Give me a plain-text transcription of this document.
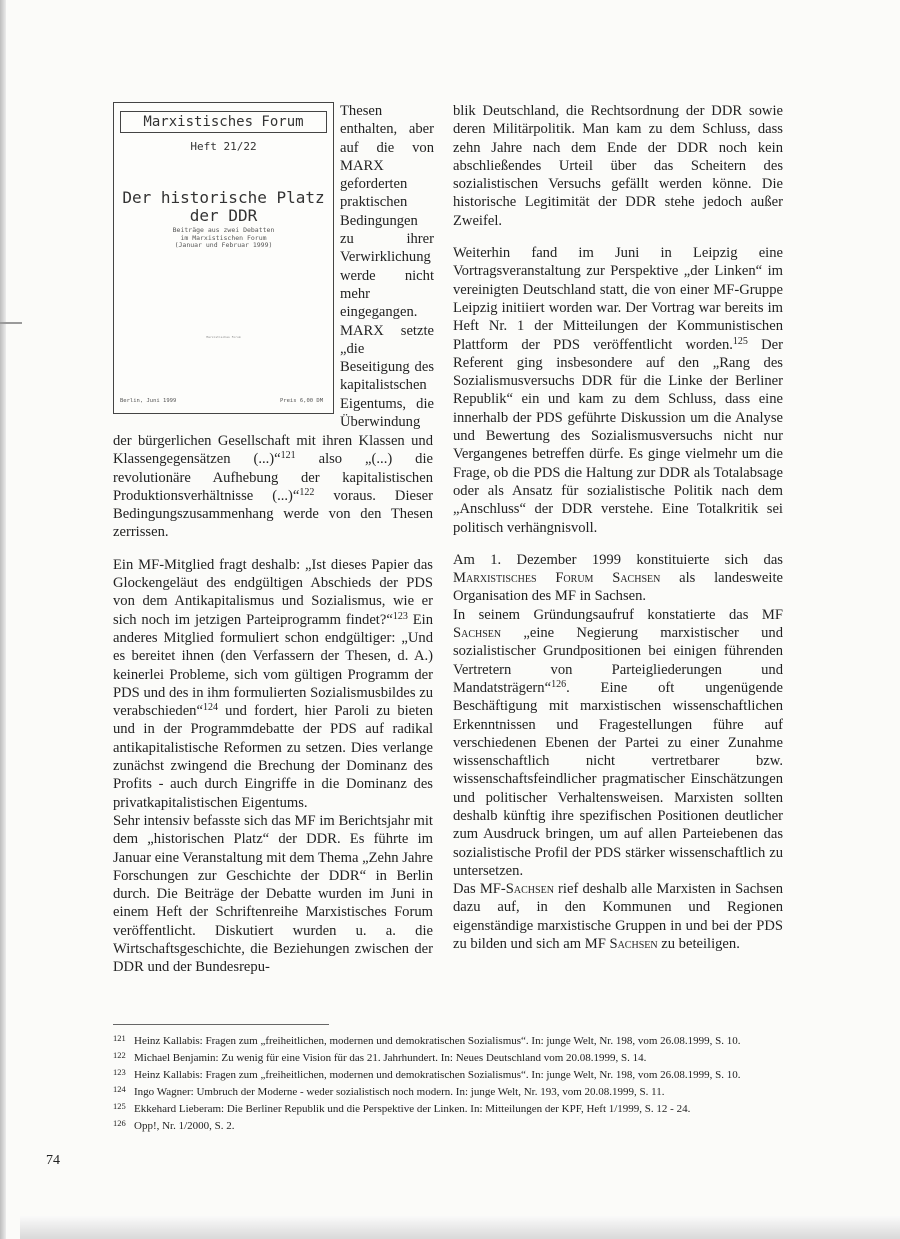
Marxistisches Forum
Heft 21/22
Der historische Platz
der DDR
Beiträge aus zwei Debatten
im Marxistischen Forum
(Januar und Februar 1999)
Marxistisches Forum
Berlin, Juni 1999	Preis 6,00 DM

Thesen enthalten, aber auf die von MARX geforderten praktischen Bedingungen zu ihrer Verwirklichung werde nicht mehr eingegangen. MARX setzte „die Beseitigung des kapitalistschen Eigentums, die Überwindung

der bürgerlichen Gesellschaft mit ihren Klassen und Klassengegensätzen (...)“$^{121}$ also „(...) die revolutionäre Aufhebung der kapitalistischen Produktionsverhältnisse (...)“$^{122}$ voraus. Dieser Bedingungszusammenhang werde von den Thesen zerrissen.

Ein MF-Mitglied fragt deshalb: „Ist dieses Papier das Glockengeläut des endgültigen Abschieds der PDS von dem Antikapitalismus und Sozialismus, wie er sich noch im jetzigen Parteiprogramm findet?“$^{123}$ Ein anderes Mitglied formuliert schon endgültiger: „Und es bereitet ihnen (den Verfassern der Thesen, d. A.) keinerlei Probleme, sich vom gültigen Programm der PDS und des in ihm formulierten Sozialismusbildes zu verabschieden“$^{124}$ und fordert, hier Paroli zu bieten und in der Programmdebatte der PDS auf radikal antikapitalistische Reformen zu setzen. Dies verlange zunächst zwingend die Brechung der Dominanz des Profits - auch durch Eingriffe in die Dominanz des privatkapitalistischen Eigentums.

Sehr intensiv befasste sich das MF im Berichtsjahr mit dem „historischen Platz“ der DDR. Es führte im Januar eine Veranstaltung mit dem Thema „Zehn Jahre Forschungen zur Geschichte der DDR“ in Berlin durch. Die Beiträge der Debatte wurden im Juni in einem Heft der Schriftenreihe Marxistisches Forum veröffentlicht. Diskutiert wurden u. a. die Wirtschaftsgeschichte, die Beziehungen zwischen der DDR und der Bundesrepu-

blik Deutschland, die Rechtsordnung der DDR sowie deren Militärpolitik. Man kam zu dem Schluss, dass zehn Jahre nach dem Ende der DDR noch kein abschließendes Urteil über das Scheitern des sozialistischen Versuchs gefällt werden könne. Die historische Legitimität der DDR stehe jedoch außer Zweifel.

Weiterhin fand im Juni in Leipzig eine Vortragsveranstaltung zur Perspektive „der Linken“ im vereinigten Deutschland statt, die von einer MF-Gruppe Leipzig initiiert worden war. Der Vortrag war bereits im Heft Nr. 1 der Mitteilungen der Kommunistischen Plattform der PDS veröffentlicht worden.$^{125}$ Der Referent ging insbesondere auf den „Rang des Sozialismusversuchs DDR für die Linke der Berliner Republik“ ein und kam zu dem Schluss, dass eine innerhalb der PDS geführte Diskussion um die Analyse und Bewertung des Sozialismusversuchs nicht nur Vergangenes betreffen dürfe. Es ginge vielmehr um die Frage, ob die PDS die Haltung zur DDR als Totalabsage oder als Ansatz für sozialistische Politik nach dem „Anschluss“ der DDR verstehe. Eine Totalkritik sei politisch verhängnisvoll.

Am 1. Dezember 1999 konstituierte sich das Marxistisches Forum Sachsen als landesweite Organisation des MF in Sachsen.

In seinem Gründungsaufruf konstatierte das MF Sachsen „eine Negierung marxistischer und sozialistischer Grundpositionen bei einigen führenden Vertretern von Parteigliederungen und Mandatsträgern“$^{126}$. Eine oft ungenügende Beschäftigung mit marxistischen wissenschaftlichen Erkenntnissen und Fragestellungen führe auf verschiedenen Ebenen der Partei zu einer Zunahme wissenschaftlich nicht vertretbarer bzw. wissenschaftsfeindlicher pragmatischer Einschätzungen und politischer Verhaltensweisen. Marxisten sollten deshalb künftig ihre spezifischen Positionen deutlicher zum Ausdruck bringen, um auf allen Parteiebenen das sozialistische Profil der PDS stärker wissenschaftlich zu untersetzen.

Das MF-Sachsen rief deshalb alle Marxisten in Sachsen dazu auf, in den Kommunen und Regionen eigenständige marxistische Gruppen in und bei der PDS zu bilden und sich am MF Sachsen zu beteiligen.

121 Heinz Kallabis: Fragen zum „freiheitlichen, modernen und demokratischen Sozialismus“. In: junge Welt, Nr. 198, vom 26.08.1999, S. 10.
122 Michael Benjamin: Zu wenig für eine Vision für das 21. Jahrhundert. In: Neues Deutschland vom 20.08.1999, S. 14.
123 Heinz Kallabis: Fragen zum „freiheitlichen, modernen und demokratischen Sozialismus“. In: junge Welt, Nr. 198, vom 26.08.1999, S. 10.
124 Ingo Wagner: Umbruch der Moderne - weder sozialistisch noch modern. In: junge Welt, Nr. 193, vom 20.08.1999, S. 11.
125 Ekkehard Lieberam: Die Berliner Republik und die Perspektive der Linken. In: Mitteilungen der KPF, Heft 1/1999, S. 12 - 24.
126 Opp!, Nr. 1/2000, S. 2.
74
